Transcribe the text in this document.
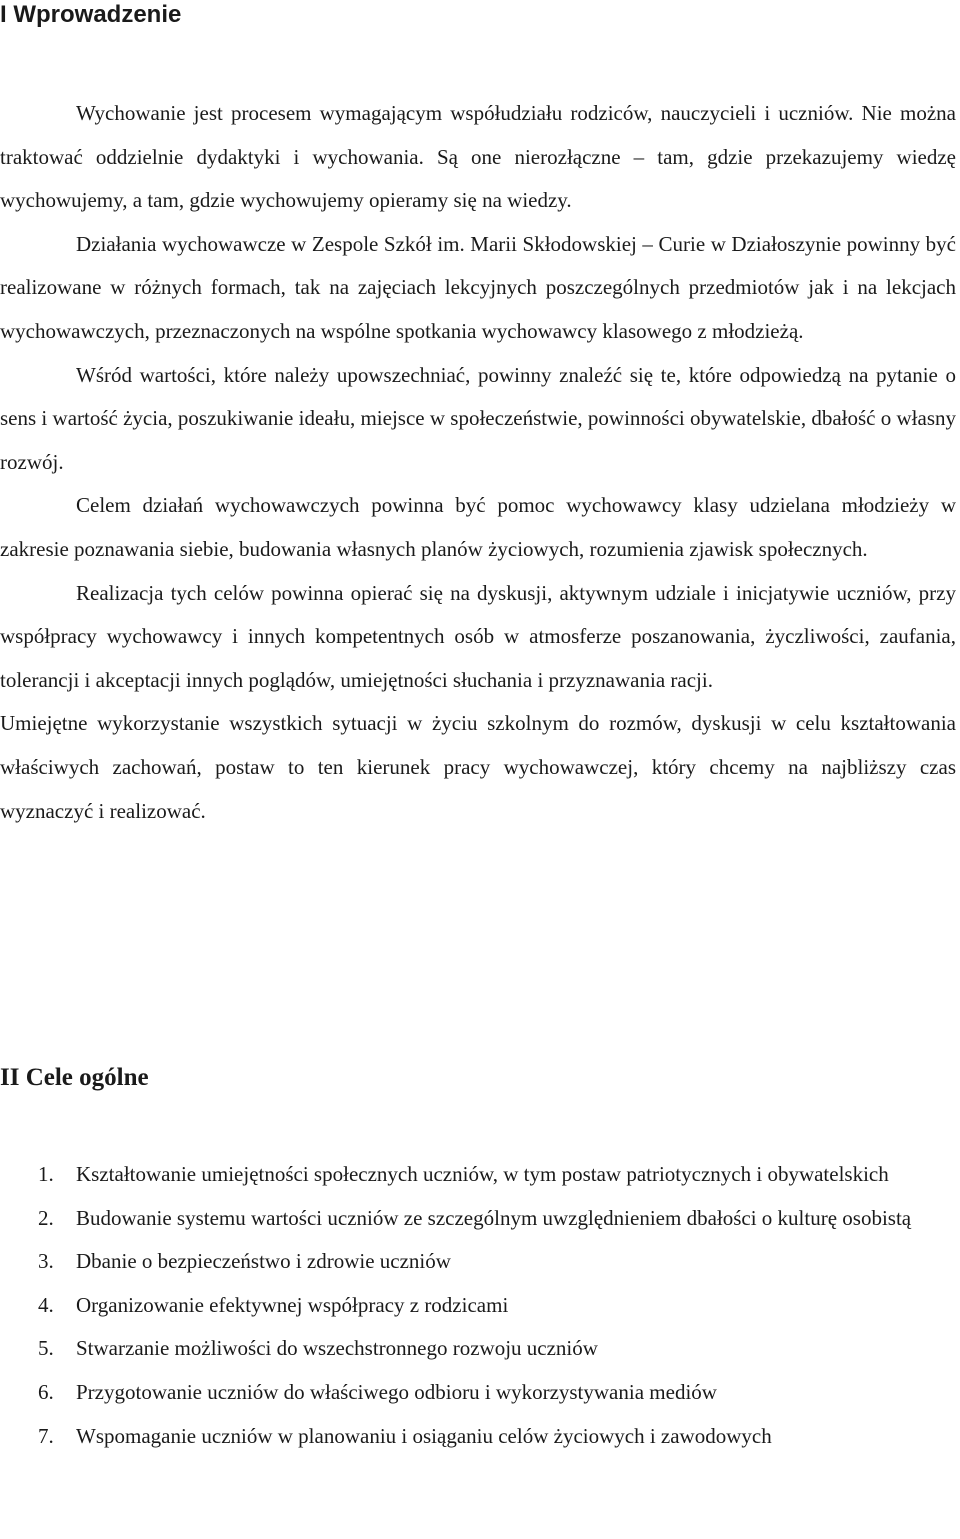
I Wprowadzenie

Wychowanie jest procesem wymagającym współudziału rodziców, nauczycieli i uczniów. Nie można traktować oddzielnie dydaktyki i wychowania. Są one nierozłączne – tam, gdzie przekazujemy wiedzę wychowujemy, a tam, gdzie wychowujemy opieramy się na wiedzy.

Działania wychowawcze w Zespole Szkół im. Marii Skłodowskiej – Curie w Działoszynie powinny być realizowane w różnych formach, tak na zajęciach lekcyjnych poszczególnych przedmiotów jak i na lekcjach wychowawczych, przeznaczonych na wspólne spotkania wychowawcy klasowego z młodzieżą.

Wśród wartości, które należy upowszechniać, powinny znaleźć się te, które odpowiedzą na pytanie o sens i wartość życia, poszukiwanie ideału, miejsce w społeczeństwie, powinności obywatelskie, dbałość o własny rozwój.

Celem działań wychowawczych powinna być pomoc wychowawcy klasy udzielana młodzieży w zakresie poznawania siebie, budowania własnych planów życiowych, rozumienia zjawisk społecznych.

Realizacja tych celów powinna opierać się na dyskusji, aktywnym udziale i inicjatywie uczniów, przy współpracy wychowawcy i innych kompetentnych osób w atmosferze poszanowania, życzliwości, zaufania, tolerancji i akceptacji innych poglądów, umiejętności słuchania i przyznawania racji.

Umiejętne wykorzystanie wszystkich sytuacji w życiu szkolnym do rozmów, dyskusji w celu kształtowania właściwych zachowań, postaw to ten kierunek pracy wychowawczej, który chcemy na najbliższy czas wyznaczyć i realizować.

II Cele ogólne
1. Kształtowanie umiejętności społecznych uczniów, w tym postaw patriotycznych i obywatelskich
2. Budowanie systemu wartości uczniów ze szczególnym uwzględnieniem dbałości o kulturę osobistą
3. Dbanie o bezpieczeństwo i zdrowie uczniów
4. Organizowanie efektywnej współpracy z rodzicami
5. Stwarzanie możliwości do wszechstronnego rozwoju uczniów
6. Przygotowanie uczniów do właściwego odbioru i wykorzystywania mediów
7. Wspomaganie uczniów w planowaniu i osiąganiu celów życiowych i zawodowych
